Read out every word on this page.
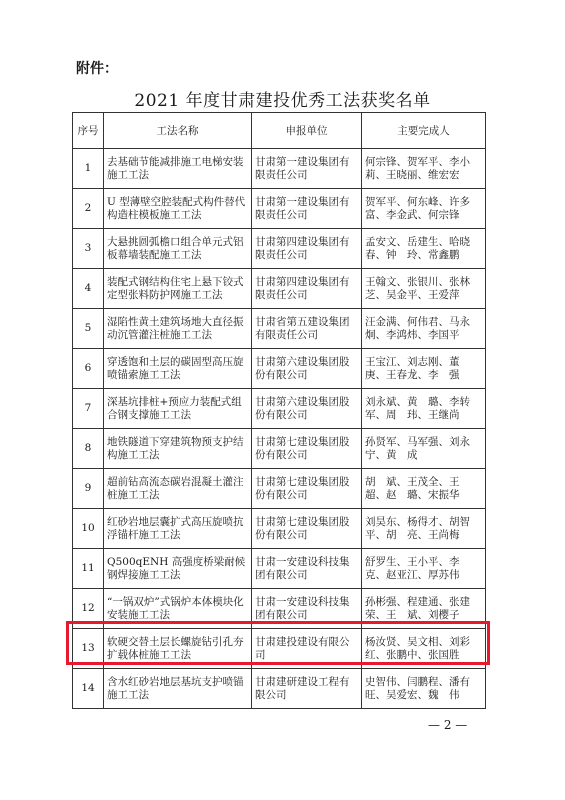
附件：
2021 年度甘肃建投优秀工法获奖名单
序号	工法名称	申报单位	主要完成人
1	去基础节能减排施工电梯安装施工工法	甘肃第一建设集团有限责任公司	何宗锋、贺军平、李小莉、王晓丽、维宏宏
2	U 型薄壁空腔装配式构件替代构造柱模板施工工法	甘肃第一建设集团有限责任公司	贺军平、何东峰、许多富、李金武、何宗锋
3	大悬挑圆弧檐口组合单元式铝板幕墙装配施工工法	甘肃第四建设集团有限责任公司	孟安文、岳建生、哈晓春、钟　玲、常鑫鹏
4	装配式钢结构住宅上悬下铰式定型张料防护网施工工法	甘肃第四建设集团有限责任公司	王翰文、张银川、张林芝、吴金平、王爱萍
5	湿陷性黄土建筑场地大直径振动沉管灌注桩施工工法	甘肃省第五建设集团有限责任公司	汪金满、何伟君、马永炯、李鸿炜、李国平
6	穿透饱和土层的碳固型高压旋喷锚索施工工法	甘肃第六建设集团股份有限公司	王宝江、刘志刚、董　庚、王春龙、李　强
7	深基坑排桩+预应力装配式组合钢支撑施工工法	甘肃第六建设集团股份有限公司	刘永斌、黄　璐、李转军、周　玮、王继尚
8	地铁隧道下穿建筑物预支护结构施工工法	甘肃第七建设集团股份有限公司	孙贤军、马军强、刘永宁、黄　成
9	超前钻高流态碳岩混凝土灌注桩施工工法	甘肃第七建设集团股份有限公司	胡　斌、王茂全、王　超、赵　璐、宋振华
10	红砂岩地层囊扩式高压旋喷抗浮锚杆施工工法	甘肃第七建设集团股份有限公司	刘昊东、杨得才、胡智平、胡　亮、王尚梅
11	Q500qENH 高强度桥梁耐候钢焊接施工工法	甘肃一安建设科技集团有限公司	舒罗生、王小平、李　克、赵亚江、厚苏伟
12	“一锅双炉”式锅炉本体模块化安装施工工法	甘肃一安建设科技集团有限公司	孙彬强、程建通、张建荣、王　斌、刘樱子
13	软硬交替土层长螺旋钻引孔夯扩载体桩施工工法	甘肃建投建设有限公司	杨汝贤、吴文相、刘彩红、张鹏中、张国胜
14	含水红砂岩地层基坑支护喷锚施工工法	甘肃建研建设工程有限公司	史智伟、闫鹏程、潘有旺、吴爱宏、魏　伟
— 2 —
